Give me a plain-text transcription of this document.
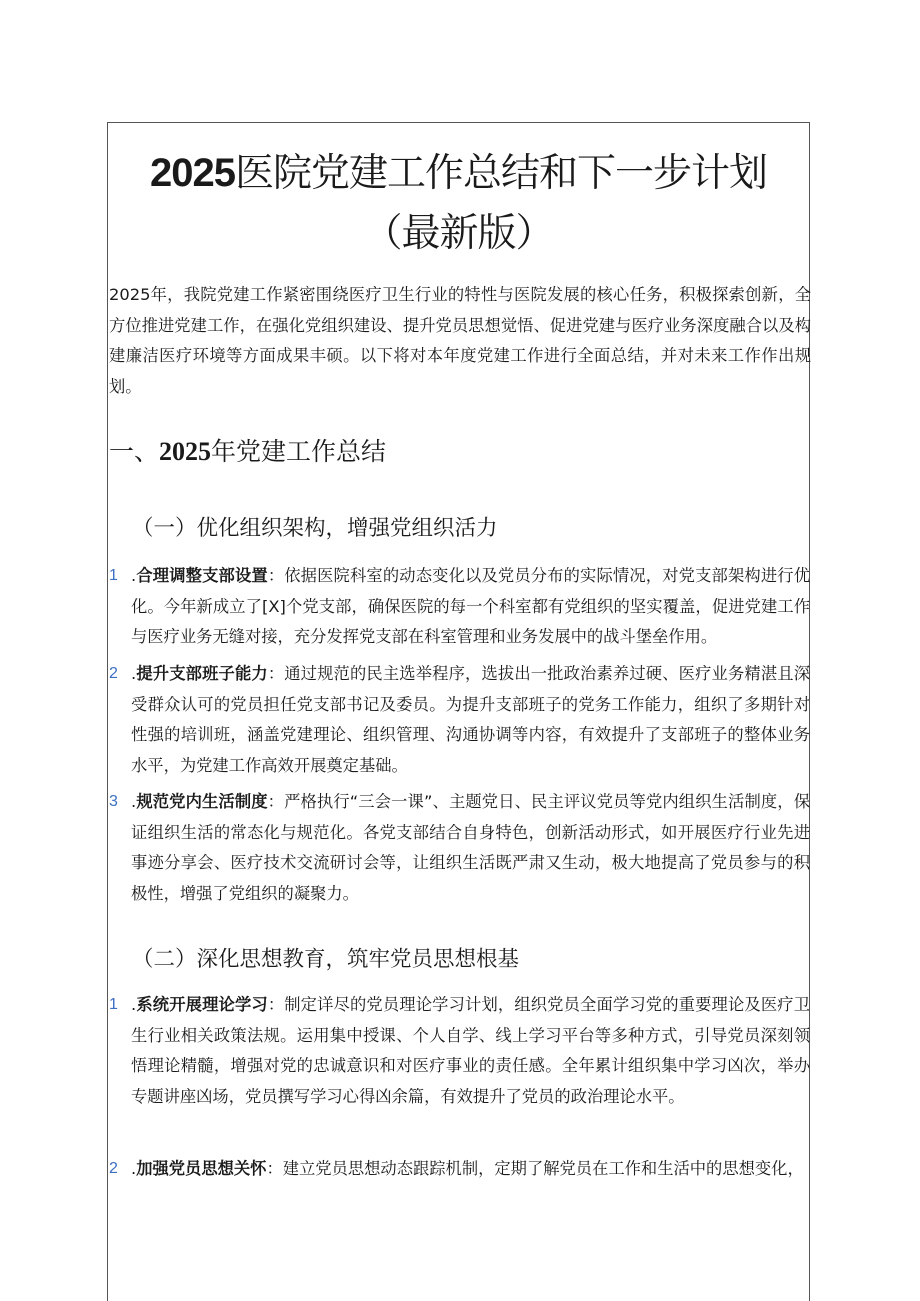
2025医院党建工作总结和下一步计划
（最新版）

2025年，我院党建工作紧密围绕医疗卫生行业的特性与医院发展的核心任务，积极探索创新，全方位推进党建工作，在强化党组织建设、提升党员思想觉悟、促进党建与医疗业务深度融合以及构建廉洁医疗环境等方面成果丰硕。以下将对本年度党建工作进行全面总结，并对未来工作作出规划。

一、2025年党建工作总结
（一）优化组织架构，增强党组织活力
1 .合理调整支部设置：依据医院科室的动态变化以及党员分布的实际情况，对党支部架构进行优化。今年新成立了[X]个党支部，确保医院的每一个科室都有党组织的坚实覆盖，促进党建工作与医疗业务无缝对接，充分发挥党支部在科室管理和业务发展中的战斗堡垒作用。
2 .提升支部班子能力：通过规范的民主选举程序，选拔出一批政治素养过硬、医疗业务精湛且深受群众认可的党员担任党支部书记及委员。为提升支部班子的党务工作能力，组织了多期针对性强的培训班，涵盖党建理论、组织管理、沟通协调等内容，有效提升了支部班子的整体业务水平，为党建工作高效开展奠定基础。
3 .规范党内生活制度：严格执行“三会一课”、主题党日、民主评议党员等党内组织生活制度，保证组织生活的常态化与规范化。各党支部结合自身特色，创新活动形式，如开展医疗行业先进事迹分享会、医疗技术交流研讨会等，让组织生活既严肃又生动，极大地提高了党员参与的积极性，增强了党组织的凝聚力。
（二）深化思想教育，筑牢党员思想根基
1 .系统开展理论学习：制定详尽的党员理论学习计划，组织党员全面学习党的重要理论及医疗卫生行业相关政策法规。运用集中授课、个人自学、线上学习平台等多种方式，引导党员深刻领悟理论精髓，增强对党的忠诚意识和对医疗事业的责任感。全年累计组织集中学习凶次，举办专题讲座凶场，党员撰写学习心得凶余篇，有效提升了党员的政治理论水平。
2 .加强党员思想关怀：建立党员思想动态跟踪机制，定期了解党员在工作和生活中的思想变化，
